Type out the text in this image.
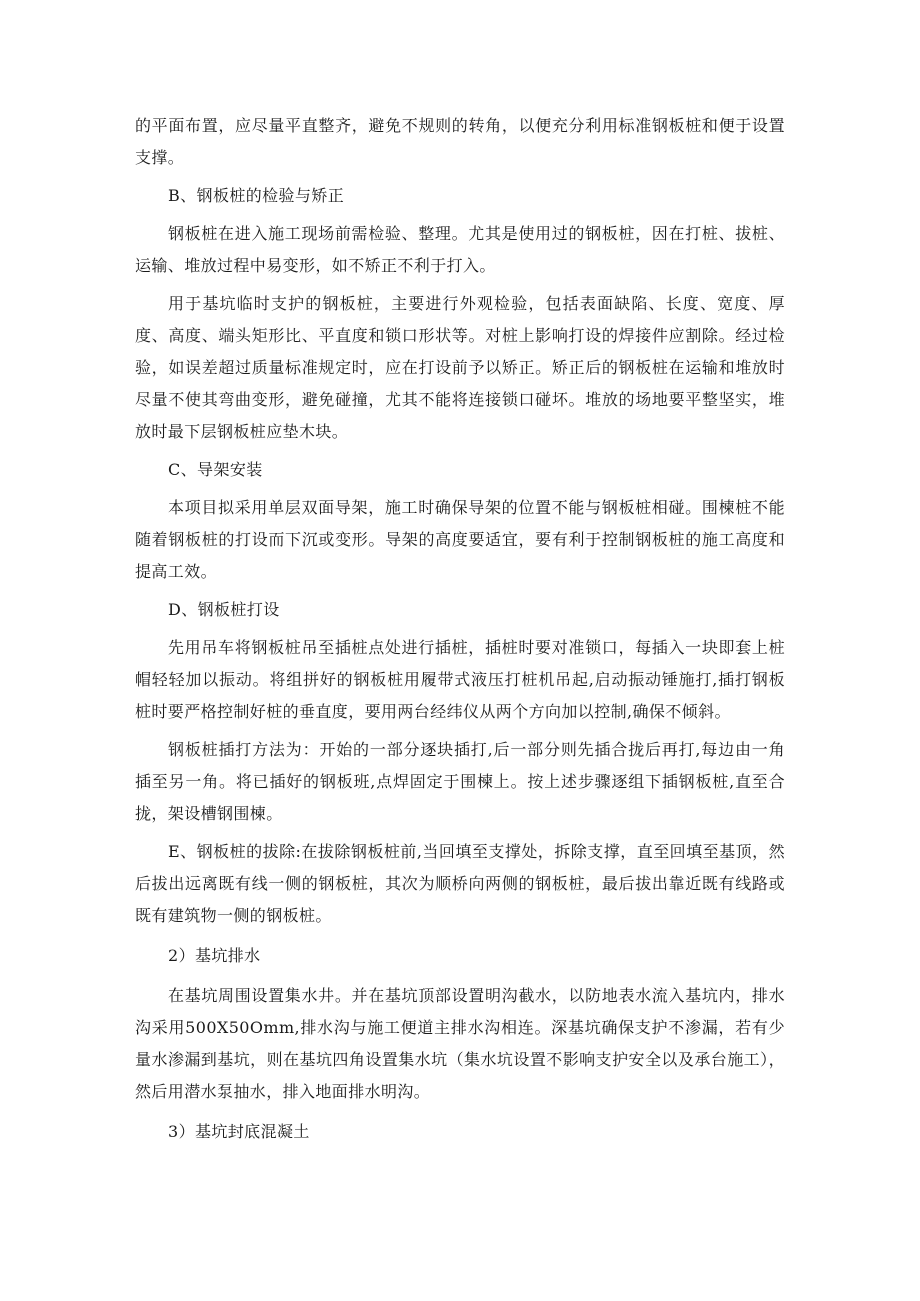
的平面布置，应尽量平直整齐，避免不规则的转角，以便充分利用标准钢板桩和便于设置支撑。

B、钢板桩的检验与矫正

钢板桩在进入施工现场前需检验、整理。尤其是使用过的钢板桩，因在打桩、拔桩、运输、堆放过程中易变形，如不矫正不利于打入。

用于基坑临时支护的钢板桩，主要进行外观检验，包括表面缺陷、长度、宽度、厚度、高度、端头矩形比、平直度和锁口形状等。对桩上影响打设的焊接件应割除。经过检验，如误差超过质量标准规定时，应在打设前予以矫正。矫正后的钢板桩在运输和堆放时尽量不使其弯曲变形，避免碰撞，尤其不能将连接锁口碰坏。堆放的场地要平整坚实，堆放时最下层钢板桩应垫木块。

C、导架安装

本项目拟采用单层双面导架，施工时确保导架的位置不能与钢板桩相碰。围楝桩不能随着钢板桩的打设而下沉或变形。导架的高度要适宜，要有利于控制钢板桩的施工高度和提高工效。

D、钢板桩打设

先用吊车将钢板桩吊至插桩点处进行插桩，插桩时要对准锁口，每插入一块即套上桩帽轻轻加以振动。将组拼好的钢板桩用履带式液压打桩机吊起,启动振动锤施打,插打钢板桩时要严格控制好桩的垂直度，要用两台经纬仪从两个方向加以控制,确保不倾斜。

钢板桩插打方法为：开始的一部分逐块插打,后一部分则先插合拢后再打,每边由一角插至另一角。将已插好的钢板班,点焊固定于围楝上。按上述步骤逐组下插钢板桩,直至合拢，架设槽钢围楝。

E、钢板桩的拔除:在拔除钢板桩前,当回填至支撑处，拆除支撑，直至回填至基顶，然后拔出远离既有线一侧的钢板桩，其次为顺桥向两侧的钢板桩，最后拔出靠近既有线路或既有建筑物一侧的钢板桩。

2）基坑排水

在基坑周围设置集水井。并在基坑顶部设置明沟截水，以防地表水流入基坑内，排水沟采用500X50Omm,排水沟与施工便道主排水沟相连。深基坑确保支护不渗漏，若有少量水渗漏到基坑，则在基坑四角设置集水坑（集水坑设置不影响支护安全以及承台施工），然后用潜水泵抽水，排入地面排水明沟。

3）基坑封底混凝土
